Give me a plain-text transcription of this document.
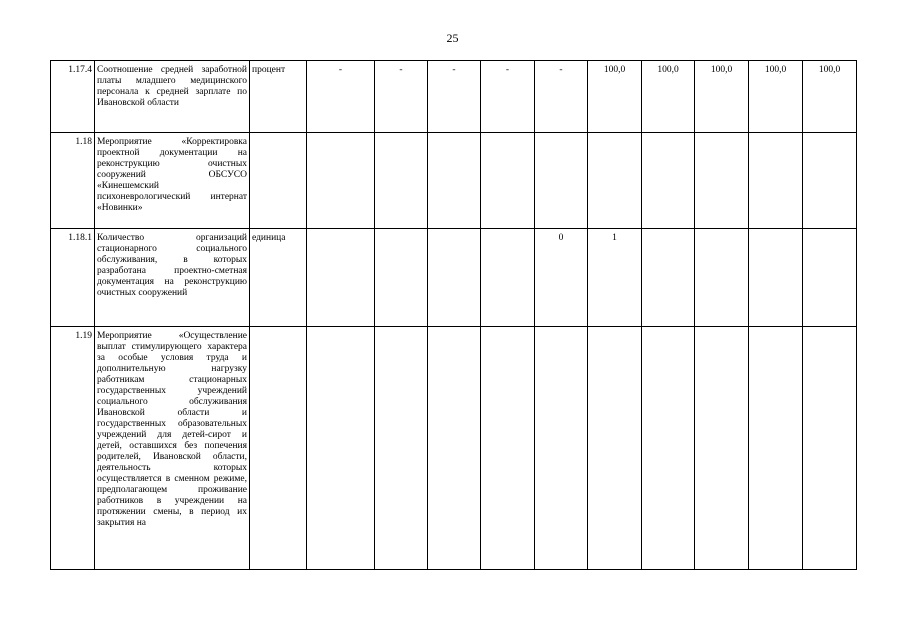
25
1.17.4	Соотношение средней заработной платы младшего медицинского персонала к средней зарплате по Ивановской области	процент	-	-	-	-	-	100,0	100,0	100,0	100,0	100,0
1.18	Мероприятие «Корректировка проектной документации на реконструкцию очистных сооружений ОБСУСО «Кинешемский психоневрологический интернат «Новинки»											
1.18.1	Количество организаций стационарного социального обслуживания, в которых разработана проектно-сметная документация на реконструкцию очистных сооружений	единица					0	1				
1.19	Мероприятие «Осуществление выплат стимулирующего характера за особые условия труда и дополнительную нагрузку работникам стационарных государственных учреждений социального обслуживания Ивановской области и государственных образовательных учреждений для детей-сирот и детей, оставшихся без попечения родителей, Ивановской области, деятельность которых осуществляется в сменном режиме, предполагающем проживание работников в учреждении на протяжении смены, в период их закрытия на											
